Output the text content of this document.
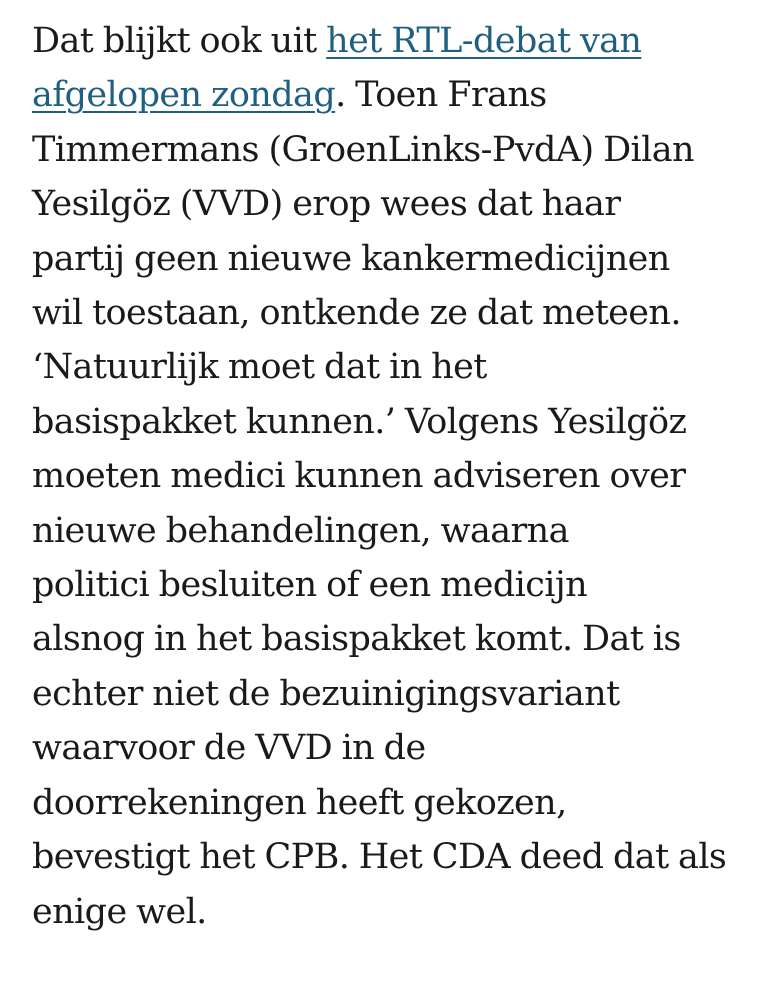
Dat blijkt ook uit het RTL-debat van
afgelopen zondag. Toen Frans
Timmermans (GroenLinks-PvdA) Dilan
Yesilgöz (VVD) erop wees dat haar
partij geen nieuwe kankermedicijnen
wil toestaan, ontkende ze dat meteen.
‘Natuurlijk moet dat in het
basispakket kunnen.’ Volgens Yesilgöz
moeten medici kunnen adviseren over
nieuwe behandelingen, waarna
politici besluiten of een medicijn
alsnog in het basispakket komt. Dat is
echter niet de bezuinigingsvariant
waarvoor de VVD in de
doorrekeningen heeft gekozen,
bevestigt het CPB. Het CDA deed dat als
enige wel.
